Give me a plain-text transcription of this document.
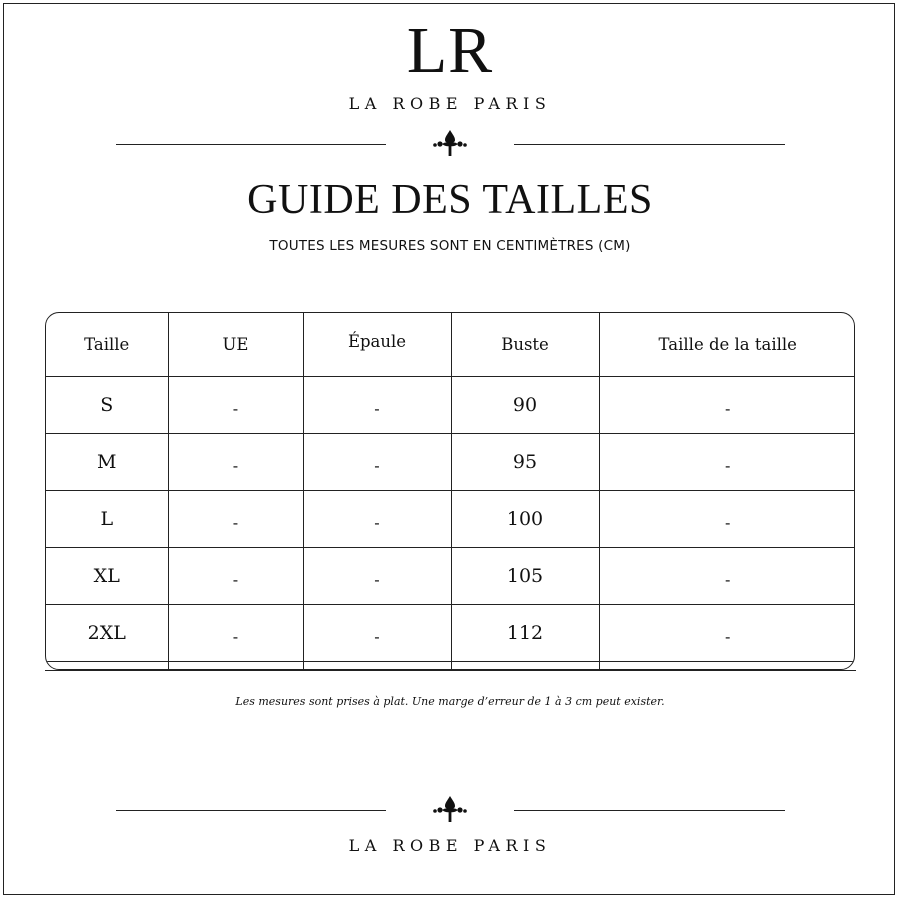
LR
LA ROBE PARIS
GUIDE DES TAILLES
TOUTES LES MESURES SONT EN CENTIMÈTRES (CM)
Taille	UE	Épaule	Buste	Taille de la taille
S	-	-	90	-
M	-	-	95	-
L	-	-	100	-
XL	-	-	105	-
2XL	-	-	112	-

Les mesures sont prises à plat. Une marge d’erreur de 1 à 3 cm peut exister.
LA ROBE PARIS
